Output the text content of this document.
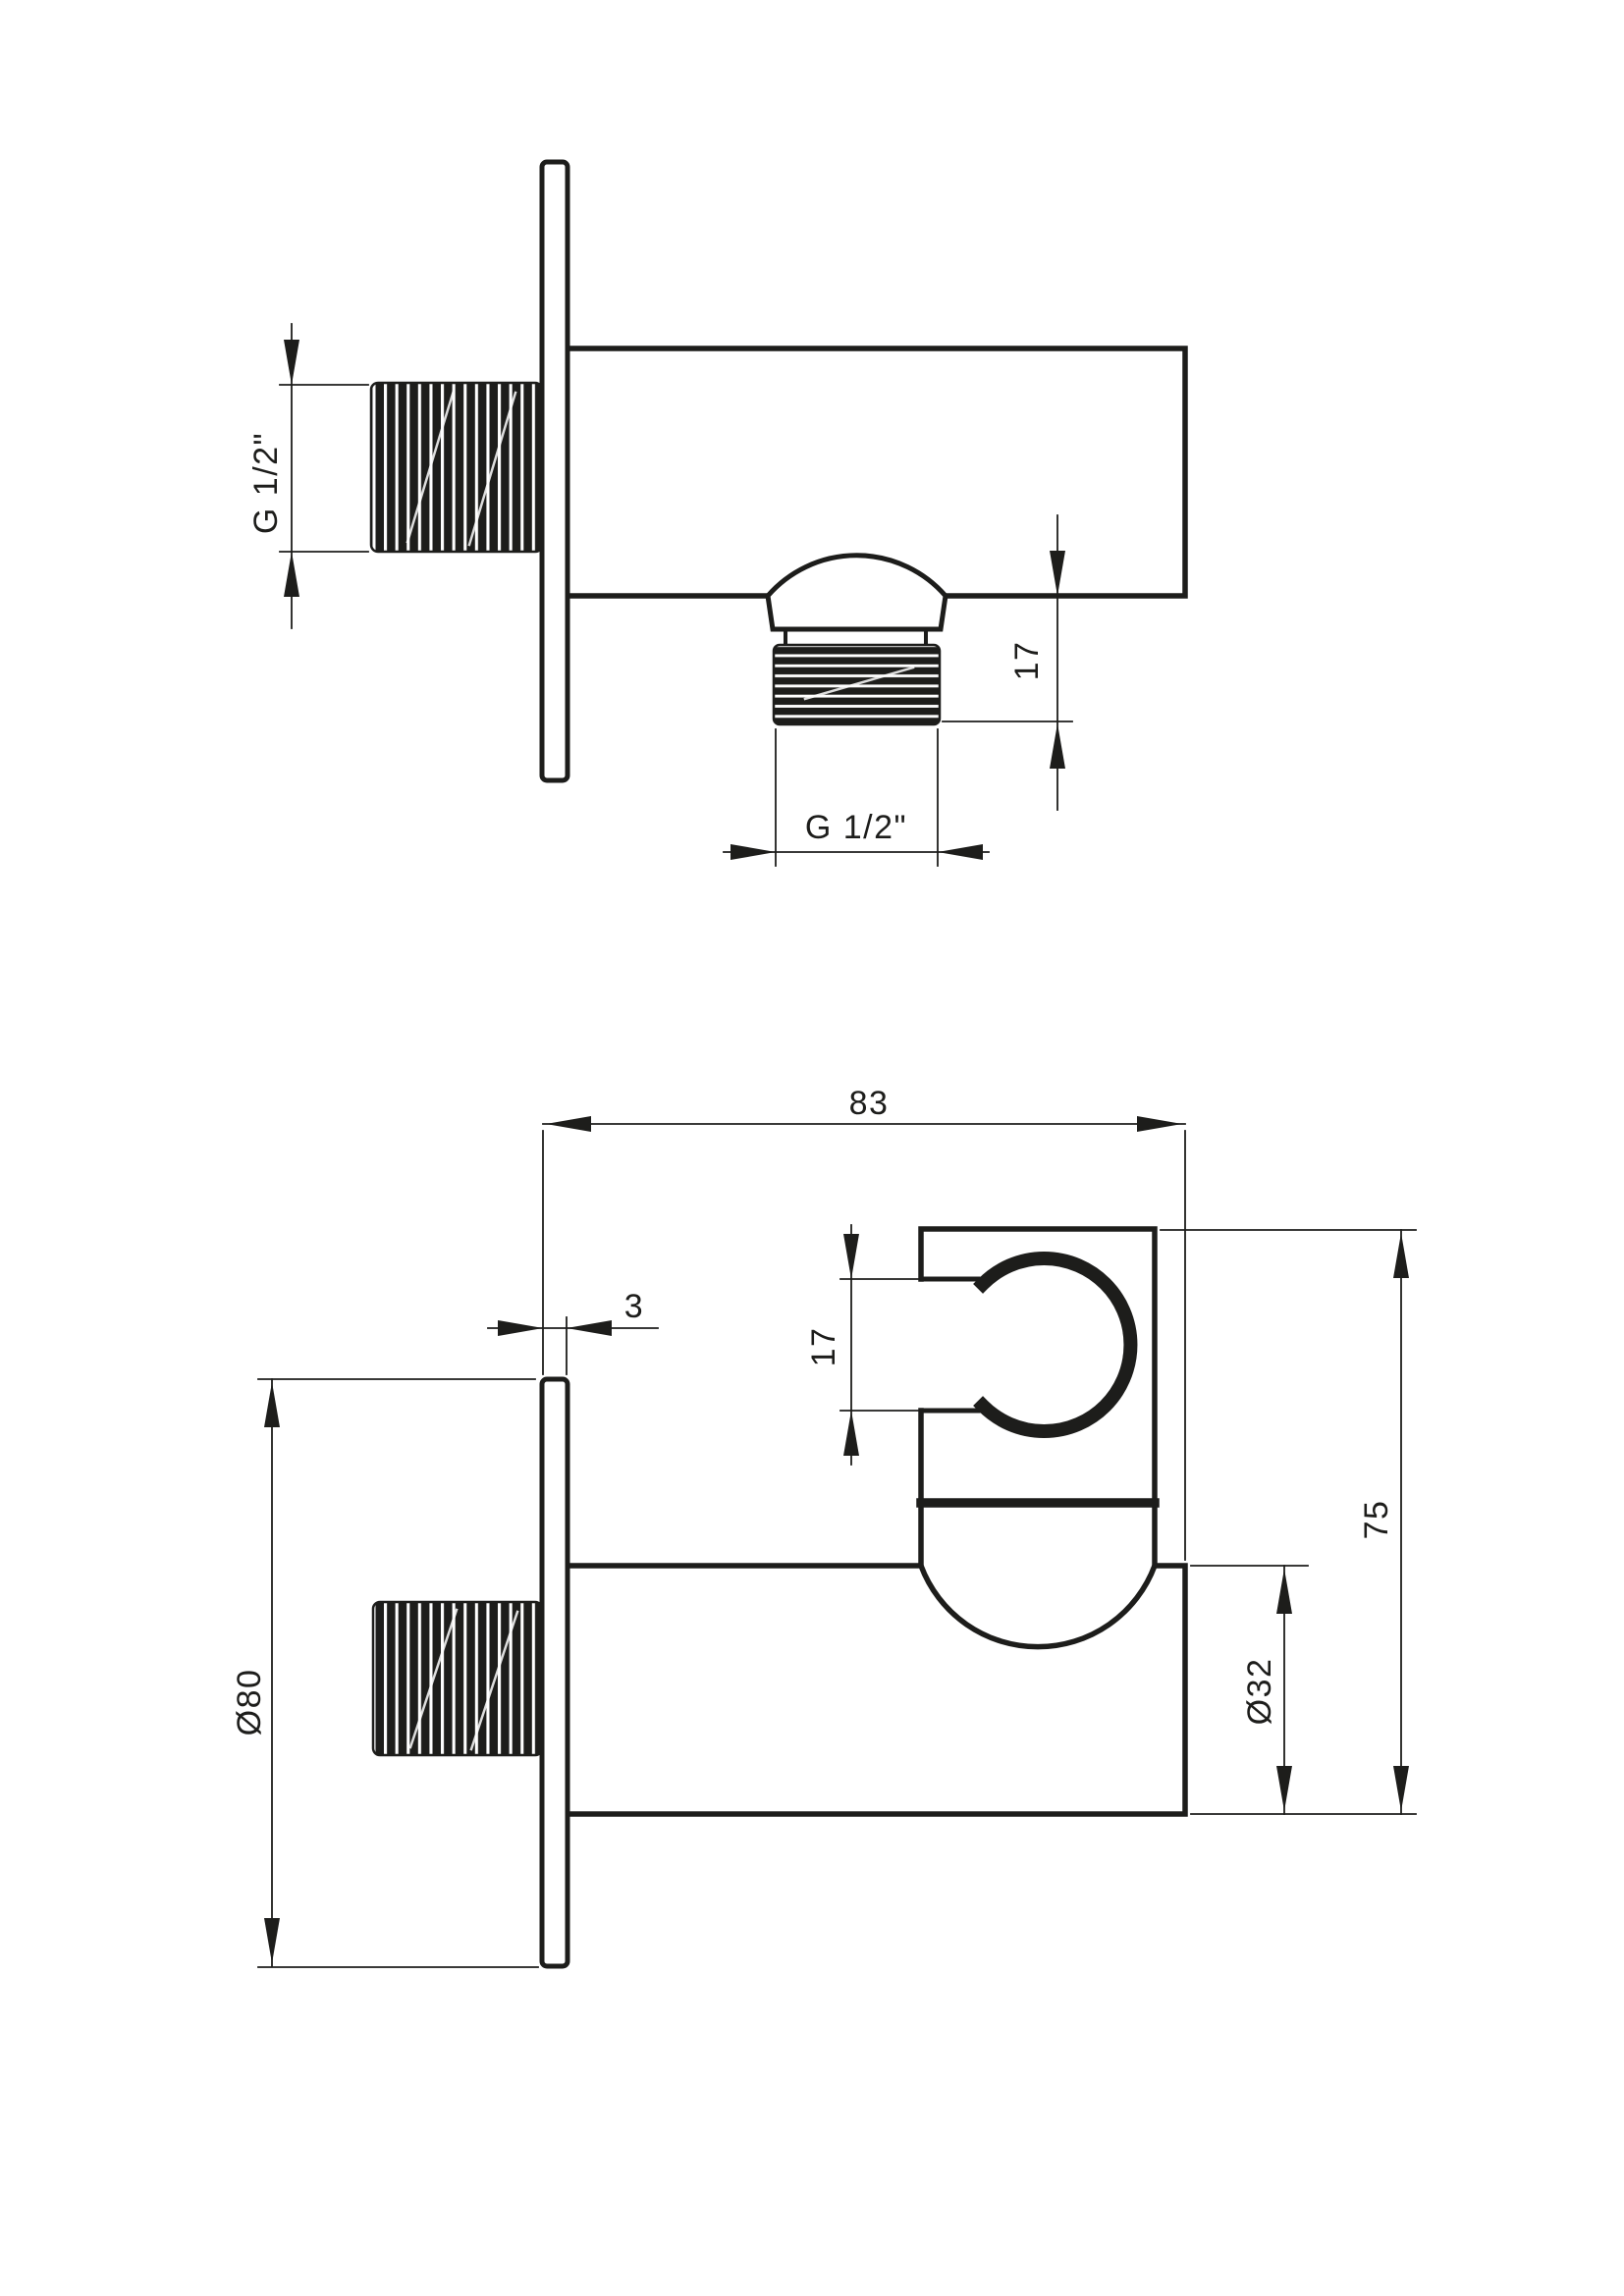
G 1/2"
17
G 1/2"
83
3
17
75
Ø32
Ø80
